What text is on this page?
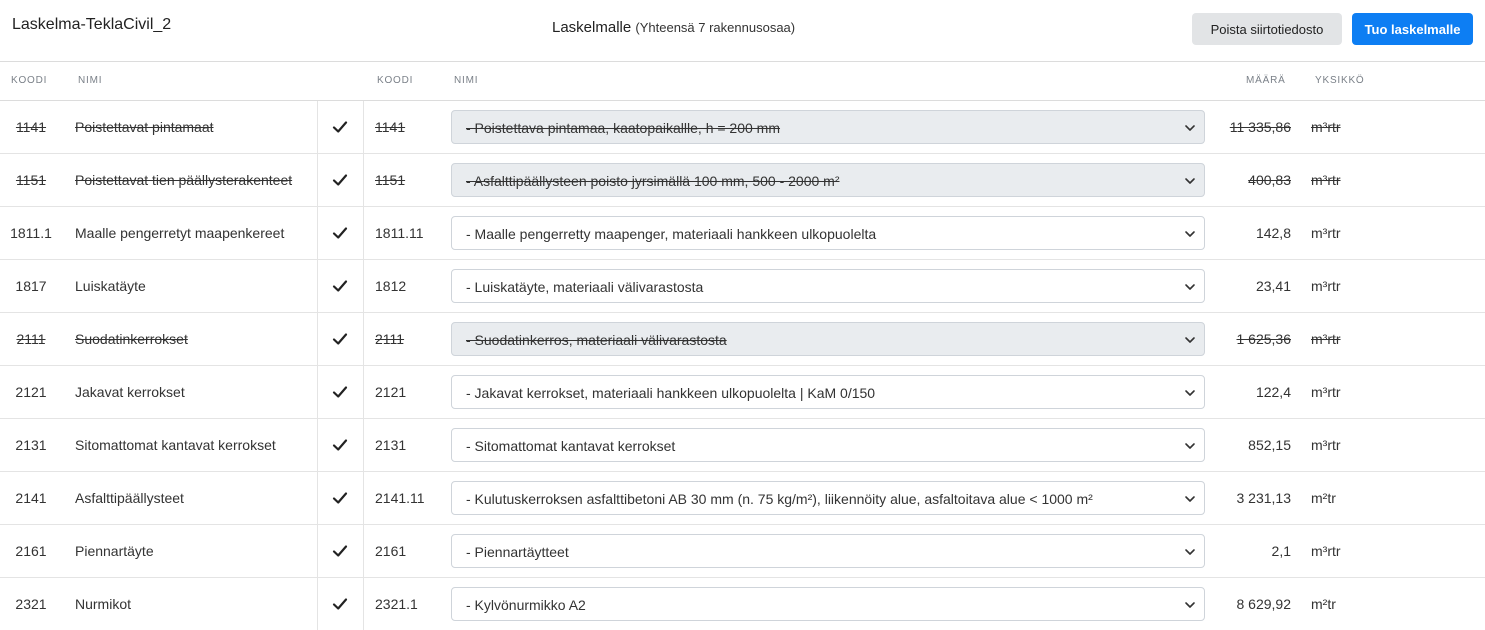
Laskelma-TeklaCivil_2	Laskelmalle (Yhteensä 7 rakennusosaa)	Poista siirtotiedosto	Tuo laskelmalle
KOODI	NIMI	KOODI	NIMI	MÄÄRÄ	YKSIKKÖ
1141	Poistettavat pintamaat	1141	- Poistettava pintamaa, kaatopaikallle, h = 200 mm	11 335,86 m³rtr
1151	Poistettavat tien päällysterakenteet	1151	- Asfalttipäällysteen poisto jyrsimällä 100 mm, 500 - 2000 m²	400,83 m³rtr
1811.1	Maalle pengerretyt maapenkereet	1811.11	- Maalle pengerretty maapenger, materiaali hankkeen ulkopuolelta	142,8 m³rtr
1817	Luiskatäyte	1812	- Luiskatäyte, materiaali välivarastosta	23,41 m³rtr
2111	Suodatinkerrokset	2111	- Suodatinkerros, materiaali välivarastosta	1 625,36 m³rtr
2121	Jakavat kerrokset	2121	- Jakavat kerrokset, materiaali hankkeen ulkopuolelta | KaM 0/150	122,4 m³rtr
2131	Sitomattomat kantavat kerrokset	2131	- Sitomattomat kantavat kerrokset	852,15 m³rtr
2141	Asfalttipäällysteet	2141.11	- Kulutuskerroksen asfalttibetoni AB 30 mm (n. 75 kg/m²), liikennöity alue, asfaltoitava alue < 1000 m²	3 231,13 m²tr
2161	Piennartäyte	2161	- Piennartäytteet	2,1 m³rtr
2321	Nurmikot	2321.1	- Kylvönurmikko A2	8 629,92 m²tr
